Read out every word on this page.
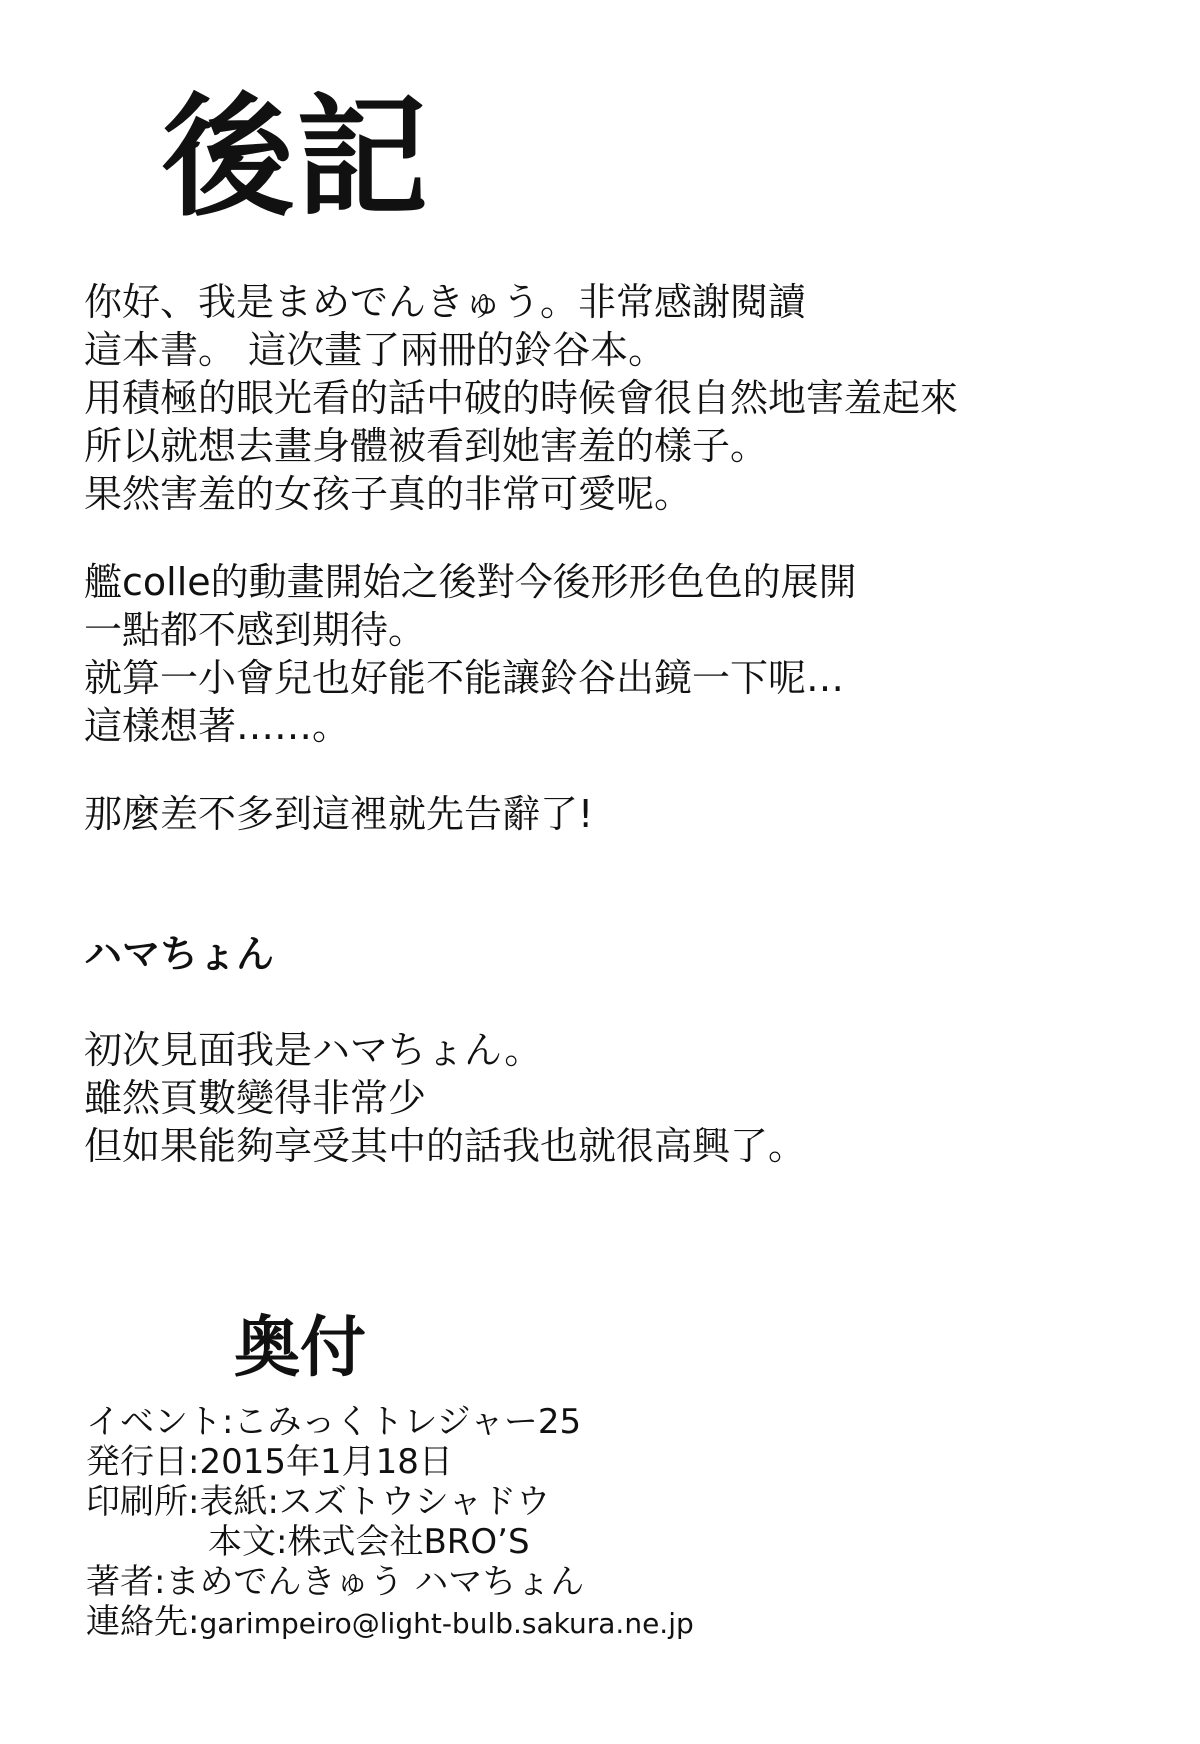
後記
你好、我是まめでんきゅう。非常感謝閱讀
這本書。 這次畫了兩冊的鈴谷本。
用積極的眼光看的話中破的時候會很自然地害羞起來
所以就想去畫身體被看到她害羞的樣子。
果然害羞的女孩子真的非常可愛呢。
艦colle的動畫開始之後對今後形形色色的展開
一點都不感到期待。
就算一小會兒也好能不能讓鈴谷出鏡一下呢…
這樣想著……。
那麼差不多到這裡就先告辭了!
ハマちょん
初次見面我是ハマちょん。
雖然頁數變得非常少
但如果能夠享受其中的話我也就很高興了。
奥付
イベント:こみっくトレジャー25
発行日:2015年1月18日
印刷所:表紙:スズトウシャドウ
本文:株式会社BRO’S
著者:まめでんきゅう ハマちょん
連絡先:garimpeiro@light-bulb.sakura.ne.jp
